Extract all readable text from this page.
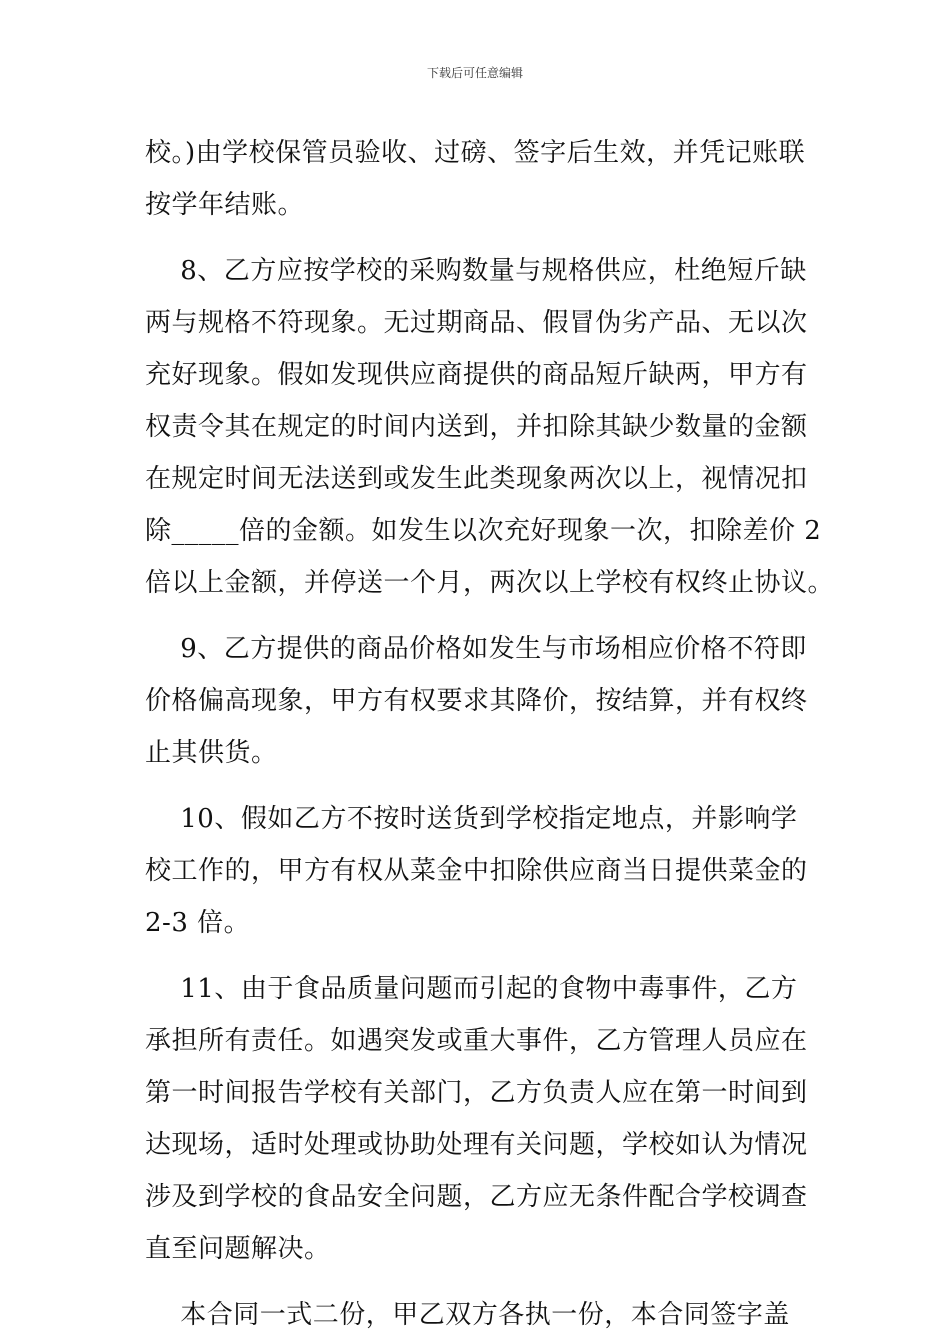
下载后可任意编辑
校。)由学校保管员验收、过磅、签字后生效，并凭记账联
按学年结账。
　 8、乙方应按学校的采购数量与规格供应，杜绝短斤缺
两与规格不符现象。无过期商品、假冒伪劣产品、无以次
充好现象。假如发现供应商提供的商品短斤缺两，甲方有
权责令其在规定的时间内送到，并扣除其缺少数量的金额
在规定时间无法送到或发生此类现象两次以上，视情况扣
除_____倍的金额。如发生以次充好现象一次，扣除差价 2
倍以上金额，并停送一个月，两次以上学校有权终止协议。
　 9、乙方提供的商品价格如发生与市场相应价格不符即
价格偏高现象，甲方有权要求其降价，按结算，并有权终
止其供货。
　 10、假如乙方不按时送货到学校指定地点，并影响学
校工作的，甲方有权从菜金中扣除供应商当日提供菜金的
2-3 倍。
　 11、由于食品质量问题而引起的食物中毒事件，乙方
承担所有责任。如遇突发或重大事件，乙方管理人员应在
第一时间报告学校有关部门，乙方负责人应在第一时间到
达现场，适时处理或协助处理有关问题，学校如认为情况
涉及到学校的食品安全问题，乙方应无条件配合学校调查
直至问题解决。
　 本合同一式二份，甲乙双方各执一份，本合同签字盖
